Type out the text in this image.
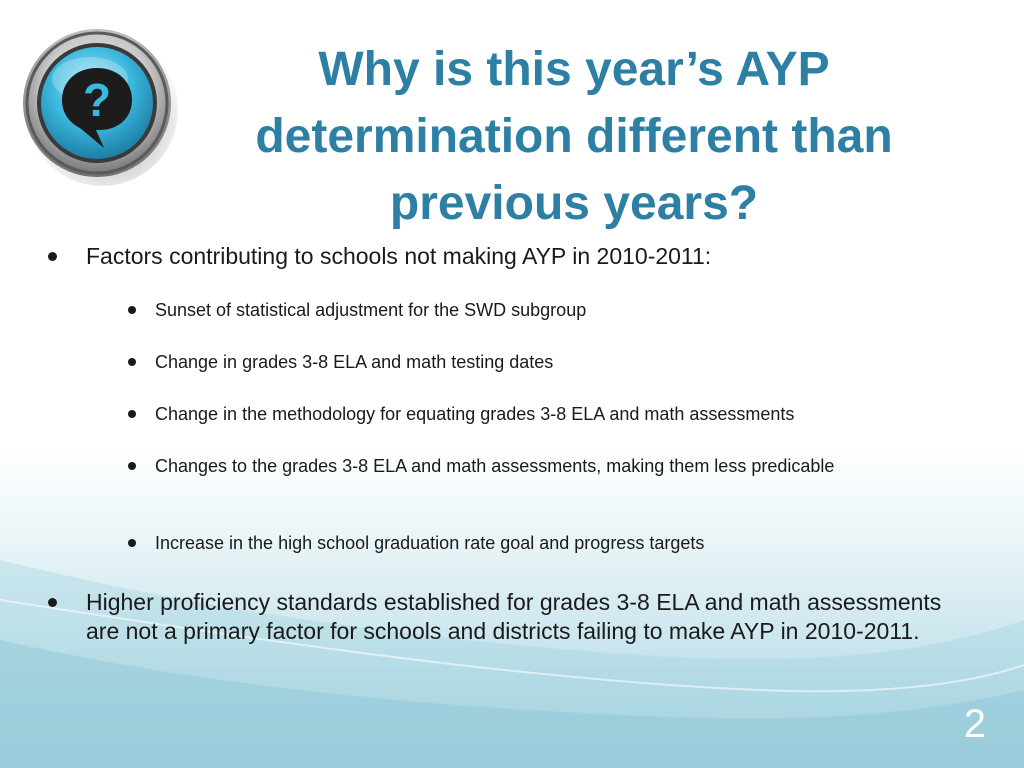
?
Why is this year’s AYP determination different than previous years?

Factors contributing to schools not making AYP in 2010-2011:

Sunset of statistical adjustment for the SWD subgroup

Change in grades 3-8 ELA and math testing dates

Change in the methodology for equating grades 3-8 ELA and math assessments

Changes to the grades 3-8 ELA and math assessments, making them less predicable

Increase in the high school graduation rate goal and progress targets

Higher proficiency standards established for grades 3-8 ELA and math assessments are not a primary factor for schools and districts failing to make AYP in 2010-2011.

2
